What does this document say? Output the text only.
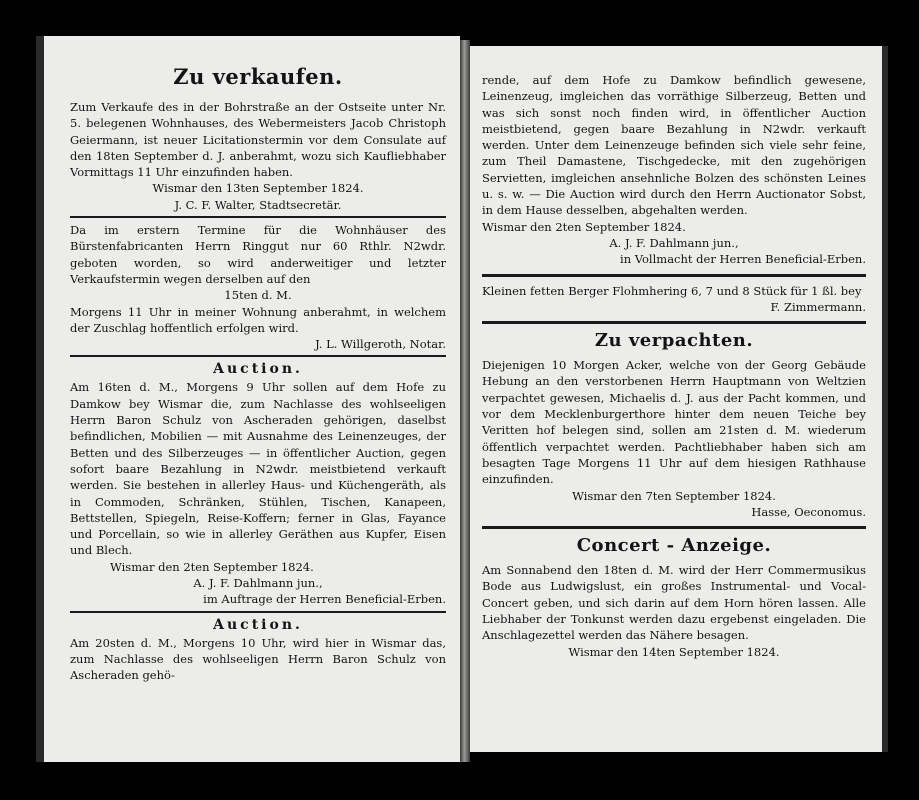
Zu verkaufen.

Zum Verkaufe des in der Bohrstraße an der Ostseite unter Nr. 5. belegenen Wohnhauses, des Webermeisters Jacob Christoph Geiermann, ist neuer Licitationstermin vor dem Consulate auf den 18ten September d. J. anberahmt, wozu sich Kaufliebhaber Vormittags 11 Uhr einzufinden haben.

Wismar den 13ten September 1824.
J. C. F. Walter, Stadtsecretär.

Da im erstern Termine für die Wohnhäuser des Bürstenfabricanten Herrn Ringgut nur 60 Rthlr. N2wdr. geboten worden, so wird anderweitiger und letzter Verkaufstermin wegen derselben auf den

15ten d. M.

Morgens 11 Uhr in meiner Wohnung anberahmt, in welchem der Zuschlag hoffentlich erfolgen wird.

J. L. Willgeroth, Notar.
Auction.

Am 16ten d. M., Morgens 9 Uhr sollen auf dem Hofe zu Damkow bey Wismar die, zum Nachlasse des wohlseeligen Herrn Baron Schulz von Ascheraden gehörigen, daselbst befindlichen, Mobilien — mit Ausnahme des Leinenzeuges, der Betten und des Silberzeuges — in öffentlicher Auction, gegen sofort baare Bezahlung in N2wdr. meistbietend verkauft werden. Sie bestehen in allerley Haus- und Küchengeräth, als in Commoden, Schränken, Stühlen, Tischen, Kanapeen, Bettstellen, Spiegeln, Reise-Koffern; ferner in Glas, Fayance und Porcellain, so wie in allerley Geräthen aus Kupfer, Eisen und Blech.

Wismar den 2ten September 1824.
A. J. F. Dahlmann jun.,
im Auftrage der Herren Beneficial-Erben.
Auction.

Am 20sten d. M., Morgens 10 Uhr, wird hier in Wismar das, zum Nachlasse des wohlseeligen Herrn Baron Schulz von Ascheraden gehö-

rende, auf dem Hofe zu Damkow befindlich gewesene, Leinenzeug, imgleichen das vorräthige Silberzeug, Betten und was sich sonst noch finden wird, in öffentlicher Auction meistbietend, gegen baare Bezahlung in N2wdr. verkauft werden. Unter dem Leinenzeuge befinden sich viele sehr feine, zum Theil Damastene, Tischgedecke, mit den zugehörigen Servietten, imgleichen ansehnliche Bolzen des schönsten Leines u. s. w. — Die Auction wird durch den Herrn Auctionator Sobst, in dem Hause desselben, abgehalten werden.

Wismar den 2ten September 1824.
A. J. F. Dahlmann jun.,
in Vollmacht der Herren Beneficial-Erben.

Kleinen fetten Berger Flohmhering 6, 7 und 8 Stück für 1 ßl. bey

F. Zimmermann.
Zu verpachten.

Diejenigen 10 Morgen Acker, welche von der Georg Gebäude Hebung an den verstorbenen Herrn Hauptmann von Weltzien verpachtet gewesen, Michaelis d. J. aus der Pacht kommen, und vor dem Mecklenburgerthore hinter dem neuen Teiche bey Veritten hof belegen sind, sollen am 21sten d. M. wiederum öffentlich verpachtet werden. Pachtliebhaber haben sich am besagten Tage Morgens 11 Uhr auf dem hiesigen Rathhause einzufinden.

Wismar den 7ten September 1824.
Hasse, Oeconomus.
Concert - Anzeige.

Am Sonnabend den 18ten d. M. wird der Herr Commermusikus Bode aus Ludwigslust, ein großes Instrumental- und Vocal-Concert geben, und sich darin auf dem Horn hören lassen. Alle Liebhaber der Tonkunst werden dazu ergebenst eingeladen. Die Anschlagezettel werden das Nähere besagen.

Wismar den 14ten September 1824.
